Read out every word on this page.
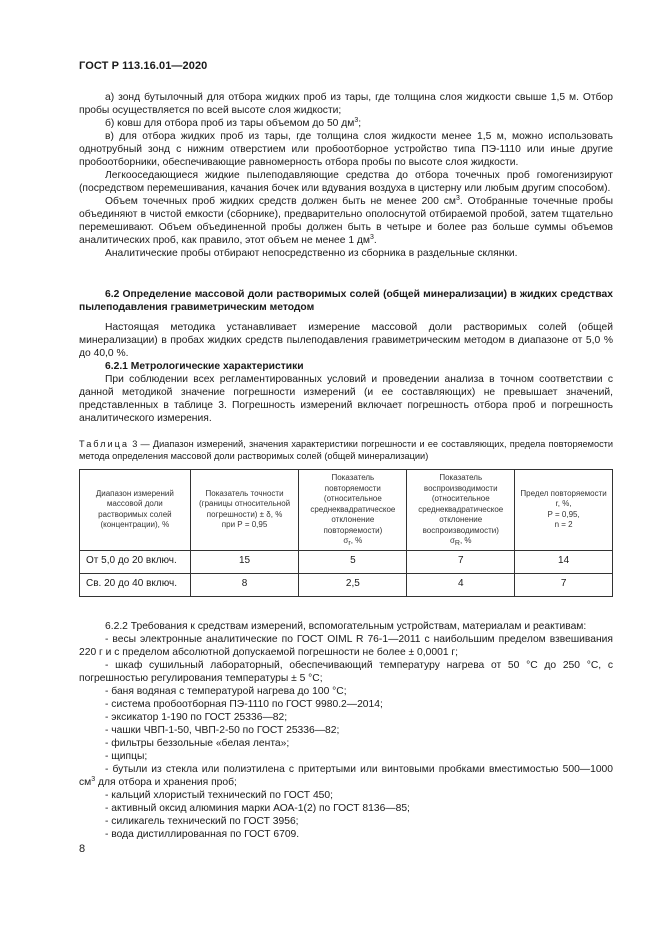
ГОСТ Р 113.16.01—2020

а) зонд бутылочный для отбора жидких проб из тары, где толщина слоя жидкости свыше 1,5 м. Отбор пробы осуществляется по всей высоте слоя жидкости;

б) ковш для отбора проб из тары объемом до 50 $дм^3$;

в) для отбора жидких проб из тары, где толщина слоя жидкости менее 1,5 м, можно использовать однотрубный зонд с нижним отверстием или пробоотборное устройство типа ПЭ-1110 или иные другие пробоотборники, обеспечивающие равномерность отбора пробы по высоте слоя жидкости.

Легкооседающиеся жидкие пылеподавляющие средства до отбора точечных проб гомогенизируют (посредством перемешивания, качания бочек или вдувания воздуха в цистерну или любым другим способом).

Объем точечных проб жидких средств должен быть не менее 200 $см^3$. Отобранные точечные пробы объединяют в чистой емкости (сборнике), предварительно ополоснутой отбираемой пробой, затем тщательно перемешивают. Объем объединенной пробы должен быть в четыре и более раз больше суммы объемов аналитических проб, как правило, этот объем не менее 1 $дм^3$.

Аналитические пробы отбирают непосредственно из сборника в раздельные склянки.

6.2 Определение массовой доли растворимых солей (общей минерализации) в жидких средствах пылеподавления гравиметрическим методом

Настоящая методика устанавливает измерение массовой доли растворимых солей (общей минерализации) в пробах жидких средств пылеподавления гравиметрическим методом в диапазоне от 5,0 % до 40,0 %.

6.2.1 Метрологические характеристики

При соблюдении всех регламентированных условий и проведении анализа в точном соответствии с данной методикой значение погрешности измерений (и ее составляющих) не превышает значений, представленных в таблице 3. Погрешность измерений включает погрешность отбора проб и погрешность аналитического измерения.

Таблица 3 — Диапазон измерений, значения характеристики погрешности и ее составляющих, предела повторяемости метода определения массовой доли растворимых солей (общей минерализации)

Диапазон измерений массовой доли растворимых солей (концентрации), %	Показатель точности (границы относительной погрешности) ± δ, %
при Р = 0,95	Показатель повторяемости (относительное среднеквадратическое отклонение повторяемости)
σr, %	Показатель воспроизводимости (относительное среднеквадратическое отклонение воспроизводимости)
σR, %	Предел повторяемости
r, %,
Р = 0,95,
n = 2
От 5,0 до 20 включ.	15	5	7	14
Св. 20 до 40 включ.	8	2,5	4	7

6.2.2 Требования к средствам измерений, вспомогательным устройствам, материалам и реактивам:

- весы электронные аналитические по ГОСТ OIML R 76-1—2011 с наибольшим пределом взвешивания 220 г и с пределом абсолютной допускаемой погрешности не более ± 0,0001 г;

- шкаф сушильный лабораторный, обеспечивающий температуру нагрева от 50 °С до 250 °С, с погрешностью регулирования температуры ± 5 °С;

- баня водяная с температурой нагрева до 100 °С;

- система пробоотборная ПЭ-1110 по ГОСТ 9980.2—2014;

- эксикатор 1-190 по ГОСТ 25336—82;

- чашки ЧВП-1-50, ЧВП-2-50 по ГОСТ 25336—82;

- фильтры беззольные «белая лента»;

- щипцы;

- бутыли из стекла или полиэтилена с притертыми или винтовыми пробками вместимостью 500—1000 $см^3$ для отбора и хранения проб;

- кальций хлористый технический по ГОСТ 450;

- активный оксид алюминия марки АОА-1(2) по ГОСТ 8136—85;

- силикагель технический по ГОСТ 3956;

- вода дистиллированная по ГОСТ 6709.

8
